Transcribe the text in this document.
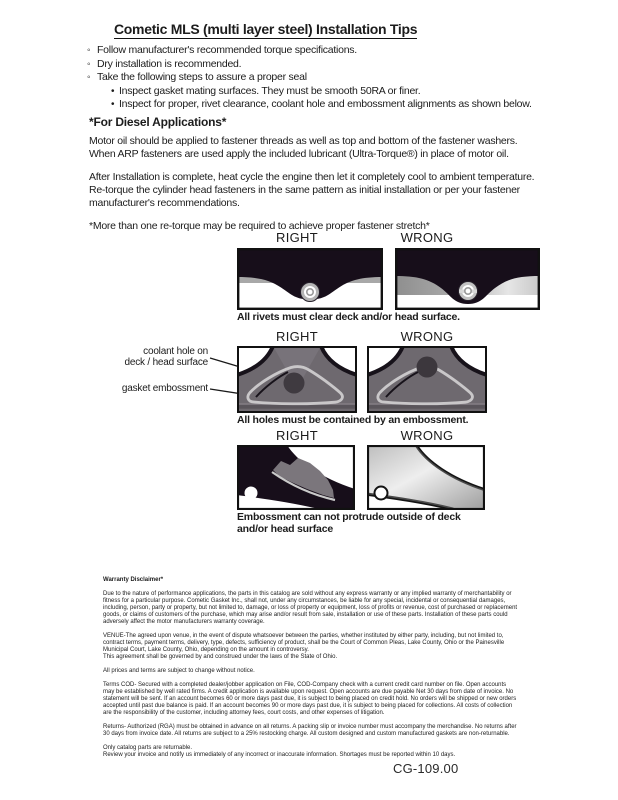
Cometic MLS (multi layer steel) Installation Tips
◦ Follow manufacturer's recommended torque specifications.
◦ Dry installation is recommended.
◦ Take the following steps to assure a proper seal
• Inspect gasket mating surfaces. They must be smooth 50RA or finer.
• Inspect for proper, rivet clearance, coolant hole and embossment alignments as shown below.
*For Diesel Applications*

Motor oil should be applied to fastener threads as well as top and bottom of the fastener washers. When ARP fasteners are used apply the included lubricant (Ultra-Torque®) in place of motor oil.

After Installation is complete, heat cycle the engine then let it completely cool to ambient temperature. Re-torque the cylinder head fasteners in the same pattern as initial installation or per your fastener manufacturer's recommendations.

*More than one re-torque may be required to achieve proper fastener stretch*

RIGHT	WRONG
All rivets must clear deck and/or head surface.
RIGHT	WRONG
coolant hole on
deck / head surface
gasket embossment
All holes must be contained by an embossment.
RIGHT	WRONG
Embossment can not protrude outside of deck
and/or head surface

Warranty Disclaimer*

Due to the nature of performance applications, the parts in this catalog are sold without any express warranty or any implied warranty of merchantability or fitness for a particular purpose. Cometic Gasket Inc., shall not, under any circumstances, be liable for any special, incidental or consequential damages, including, person, party or property, but not limited to, damage, or loss of property or equipment, loss of profits or revenue, cost of purchased or replacement goods, or claims of customers of the purchase, which may arise and/or result from sale, installation or use of these parts. Installation of these parts could adversely affect the motor manufacturers warranty coverage.

VENUE-The agreed upon venue, in the event of dispute whatsoever between the parties, whether instituted by either party, including, but not limited to, contract terms, payment terms, delivery, type, defects, sufficiency of product, shall be the Court of Common Pleas, Lake County, Ohio or the Painesville Municipal Court, Lake County, Ohio, depending on the amount in controversy.

This agreement shall be governed by and construed under the laws of the State of Ohio.

All prices and terms are subject to change without notice.

Terms COD- Secured with a completed dealer/jobber application on File, COD-Company check with a current credit card number on file. Open accounts may be established by well rated firms. A credit application is available upon request. Open accounts are due payable Net 30 days from date of invoice. No statement will be sent. If an account becomes 60 or more days past due, it is subject to being placed on credit hold. No orders will be shipped or new orders accepted until past due balance is paid. If an account becomes 90 or more days past due, it is subject to being placed for collections. All costs of collection are the responsibility of the customer, including attorney fees, court costs, and other expenses of litigation.

Returns- Authorized (RGA) must be obtained in advance on all returns. A packing slip or invoice number must accompany the merchandise. No returns after 30 days from invoice date. All returns are subject to a 25% restocking charge. All custom designed and custom manufactured gaskets are non-returnable.

Only catalog parts are returnable.

Review your invoice and notify us immediately of any incorrect or inaccurate information. Shortages must be reported within 10 days.

CG-109.00
